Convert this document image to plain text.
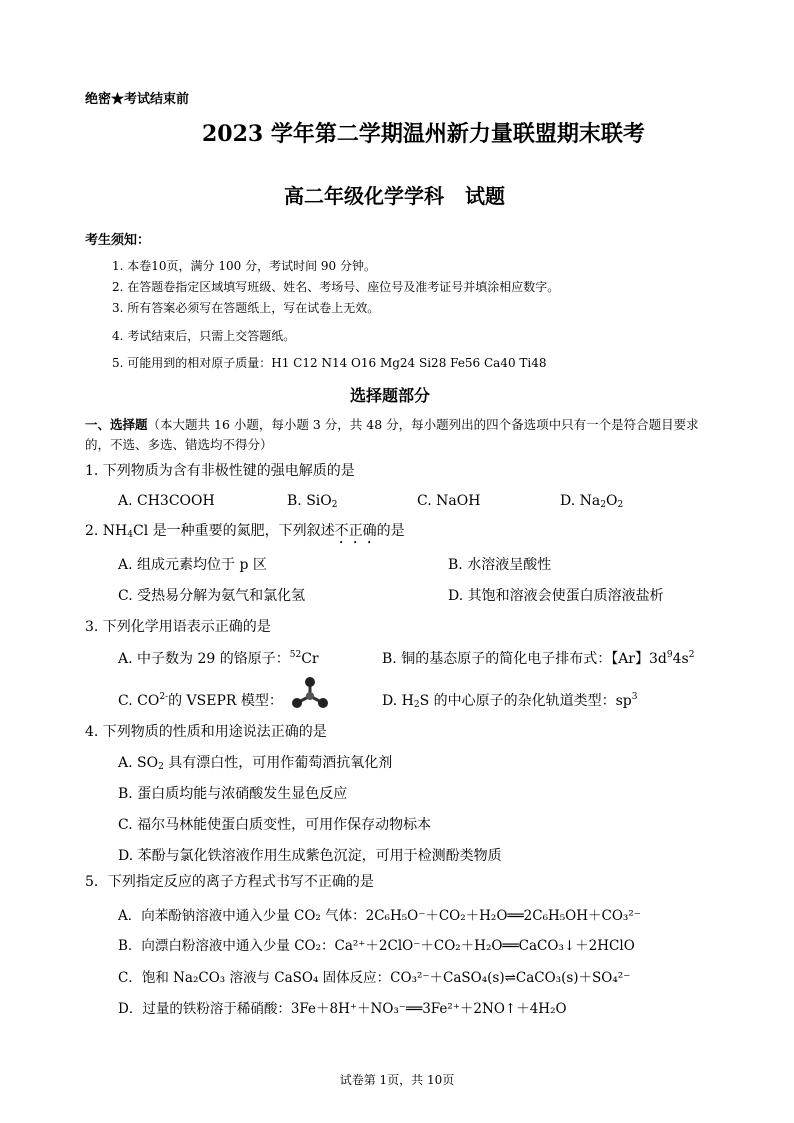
绝密★考试结束前
2023 学年第二学期温州新力量联盟期末联考
高二年级化学学科 试题
考生须知：
1. 本卷10页，满分 100 分，考试时间 90 分钟。
2. 在答题卷指定区域填写班级、姓名、考场号、座位号及准考证号并填涂相应数字。
3. 所有答案必须写在答题纸上，写在试卷上无效。
4. 考试结束后，只需上交答题纸。
5. 可能用到的相对原子质量：H1 C12 N14 O16 Mg24 Si28 Fe56 Ca40 Ti48
选择题部分
一、选择题（本大题共 16 小题，每小题 3 分，共 48 分，每小题列出的四个备选项中只有一个是符合题目要求的，不选、多选、错选均不得分）
1. 下列物质为含有非极性键的强电解质的是
A. CH3COOH	B. SiO$_2$	C. NaOH	D. $Na_2O_2$
2. $NH_4Cl$ 是一种重要的氮肥，下列叙述不正确的是
A. 组成元素均位于 p 区	B. 水溶液呈酸性
C. 受热易分解为氨气和氯化氢	D. 其饱和溶液会使蛋白质溶液盐析
3. 下列化学用语表示正确的是
A. 中子数为 29 的铬原子：$^{52}$Cr	B. 铜的基态原子的简化电子排布式：【Ar】$3d^94s^2$
C. $CO^{2-}$的 VSEPR 模型：	D. $H_2S$ 的中心原子的杂化轨道类型：$sp^3$
4. 下列物质的性质和用途说法正确的是
A. $SO_2$ 具有漂白性，可用作葡萄酒抗氧化剂
B. 蛋白质均能与浓硝酸发生显色反应
C. 福尔马林能使蛋白质变性，可用作保存动物标本
D. 苯酚与氯化铁溶液作用生成紫色沉淀，可用于检测酚类物质
5．下列指定反应的离子方程式书写不正确的是
A．向苯酚钠溶液中通入少量 CO₂ 气体：2C₆H₅O⁻＋CO₂＋H₂O══2C₆H₅OH＋CO₃²⁻
B．向漂白粉溶液中通入少量 CO₂：Ca²⁺＋2ClO⁻＋CO₂＋H₂O══CaCO₃↓＋2HClO
C．饱和 Na₂CO₃ 溶液与 CaSO₄ 固体反应：CO₃²⁻＋CaSO₄(s)⇌CaCO₃(s)＋SO₄²⁻
D．过量的铁粉溶于稀硝酸：3Fe＋8H⁺＋NO₃⁻══3Fe²⁺＋2NO↑＋4H₂O
试卷第 1页，共 10页
